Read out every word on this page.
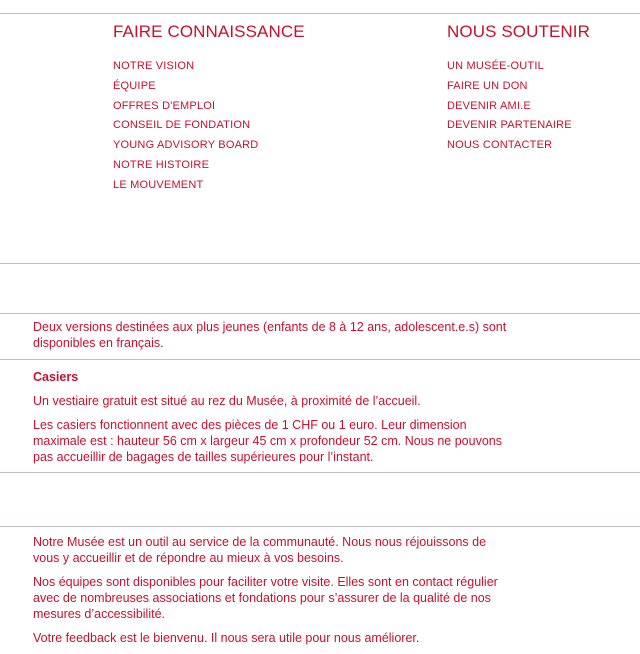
FAIRE CONNAISSANCE
NOTRE VISION
ÉQUIPE
OFFRES D'EMPLOI
CONSEIL DE FONDATION
YOUNG ADVISORY BOARD
NOTRE HISTOIRE
LE MOUVEMENT
NOUS SOUTENIR
UN MUSÉE-OUTIL
FAIRE UN DON
DEVENIR AMI.E
DEVENIR PARTENAIRE
NOUS CONTACTER

Deux versions destinées aux plus jeunes (enfants de 8 à 12 ans, adolescent.e.s) sont disponibles en français.

Casiers

Un vestiaire gratuit est situé au rez du Musée, à proximité de l’accueil.

Les casiers fonctionnent avec des pièces de 1 CHF ou 1 euro. Leur dimension maximale est : hauteur 56 cm x largeur 45 cm x profondeur 52 cm. Nous ne pouvons pas accueillir de bagages de tailles supérieures pour l’instant.

Notre Musée est un outil au service de la communauté. Nous nous réjouissons de vous y accueillir et de répondre au mieux à vos besoins.

Nos équipes sont disponibles pour faciliter votre visite. Elles sont en contact régulier avec de nombreuses associations et fondations pour s’assurer de la qualité de nos mesures d’accessibilité.

Votre feedback est le bienvenu. Il nous sera utile pour nous améliorer.
